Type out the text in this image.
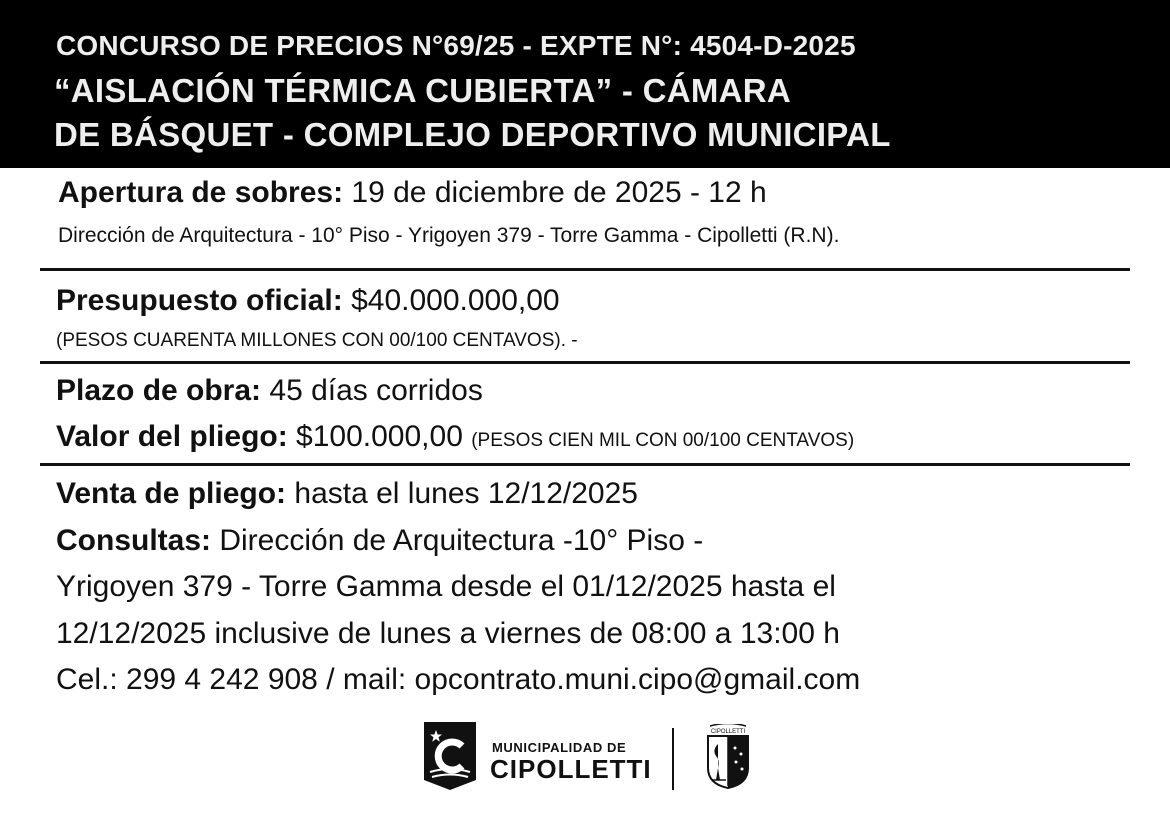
CONCURSO DE PRECIOS N°69/25 - EXPTE N°: 4504-D-2025
“AISLACIÓN TÉRMICA CUBIERTA” - CÁMARA
DE BÁSQUET - COMPLEJO DEPORTIVO MUNICIPAL
Apertura de sobres: 19 de diciembre de 2025 - 12 h
Dirección de Arquitectura - 10° Piso - Yrigoyen 379 - Torre Gamma - Cipolletti (R.N).
Presupuesto oficial: $40.000.000,00
(PESOS CUARENTA MILLONES CON 00/100 CENTAVOS). -
Plazo de obra: 45 días corridos
Valor del pliego: $100.000,00 (PESOS CIEN MIL CON 00/100 CENTAVOS)
Venta de pliego: hasta el lunes 12/12/2025
Consultas: Dirección de Arquitectura -10° Piso -
Yrigoyen 379 - Torre Gamma desde el 01/12/2025 hasta el
12/12/2025 inclusive de lunes a viernes de 08:00 a 13:00 h
Cel.: 299 4 242 908 / mail: opcontrato.muni.cipo@gmail.com
MUNICIPALIDAD DE
CIPOLLETTI
CIPOLLETTI
